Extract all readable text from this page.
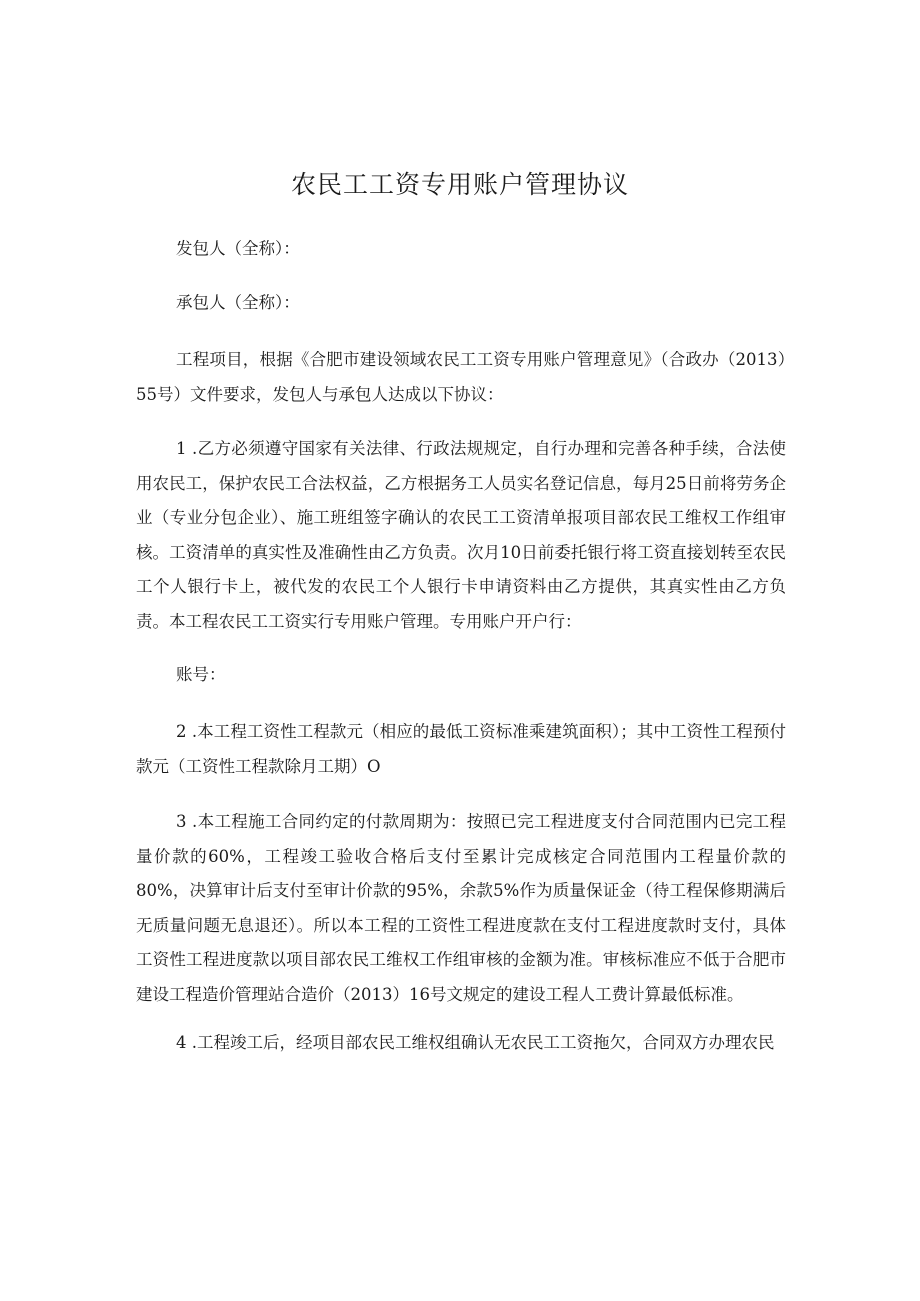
农民工工资专用账户管理协议
发包人（全称）：
承包人（全称）：
工程项目，根据《合肥市建设领域农民工工资专用账户管理意见》（合政办（2013）55号）文件要求，发包人与承包人达成以下协议：
1 .乙方必须遵守国家有关法律、行政法规规定，自行办理和完善各种手续，合法使用农民工，保护农民工合法权益，乙方根据务工人员实名登记信息，每月25日前将劳务企业（专业分包企业）、施工班组签字确认的农民工工资清单报项目部农民工维权工作组审核。工资清单的真实性及准确性由乙方负责。次月10日前委托银行将工资直接划转至农民工个人银行卡上，被代发的农民工个人银行卡申请资料由乙方提供，其真实性由乙方负责。本工程农民工工资实行专用账户管理。专用账户开户行：
账号：
2 .本工程工资性工程款元（相应的最低工资标准乘建筑面积）；其中工资性工程预付款元（工资性工程款除月工期）O
3 .本工程施工合同约定的付款周期为：按照已完工程进度支付合同范围内已完工程量价款的60%，工程竣工验收合格后支付至累计完成核定合同范围内工程量价款的80%，决算审计后支付至审计价款的95%，余款5%作为质量保证金（待工程保修期满后无质量问题无息退还）。所以本工程的工资性工程进度款在支付工程进度款时支付，具体工资性工程进度款以项目部农民工维权工作组审核的金额为准。审核标准应不低于合肥市建设工程造价管理站合造价（2013）16号文规定的建设工程人工费计算最低标准。
4 .工程竣工后，经项目部农民工维权组确认无农民工工资拖欠，合同双方办理农民
